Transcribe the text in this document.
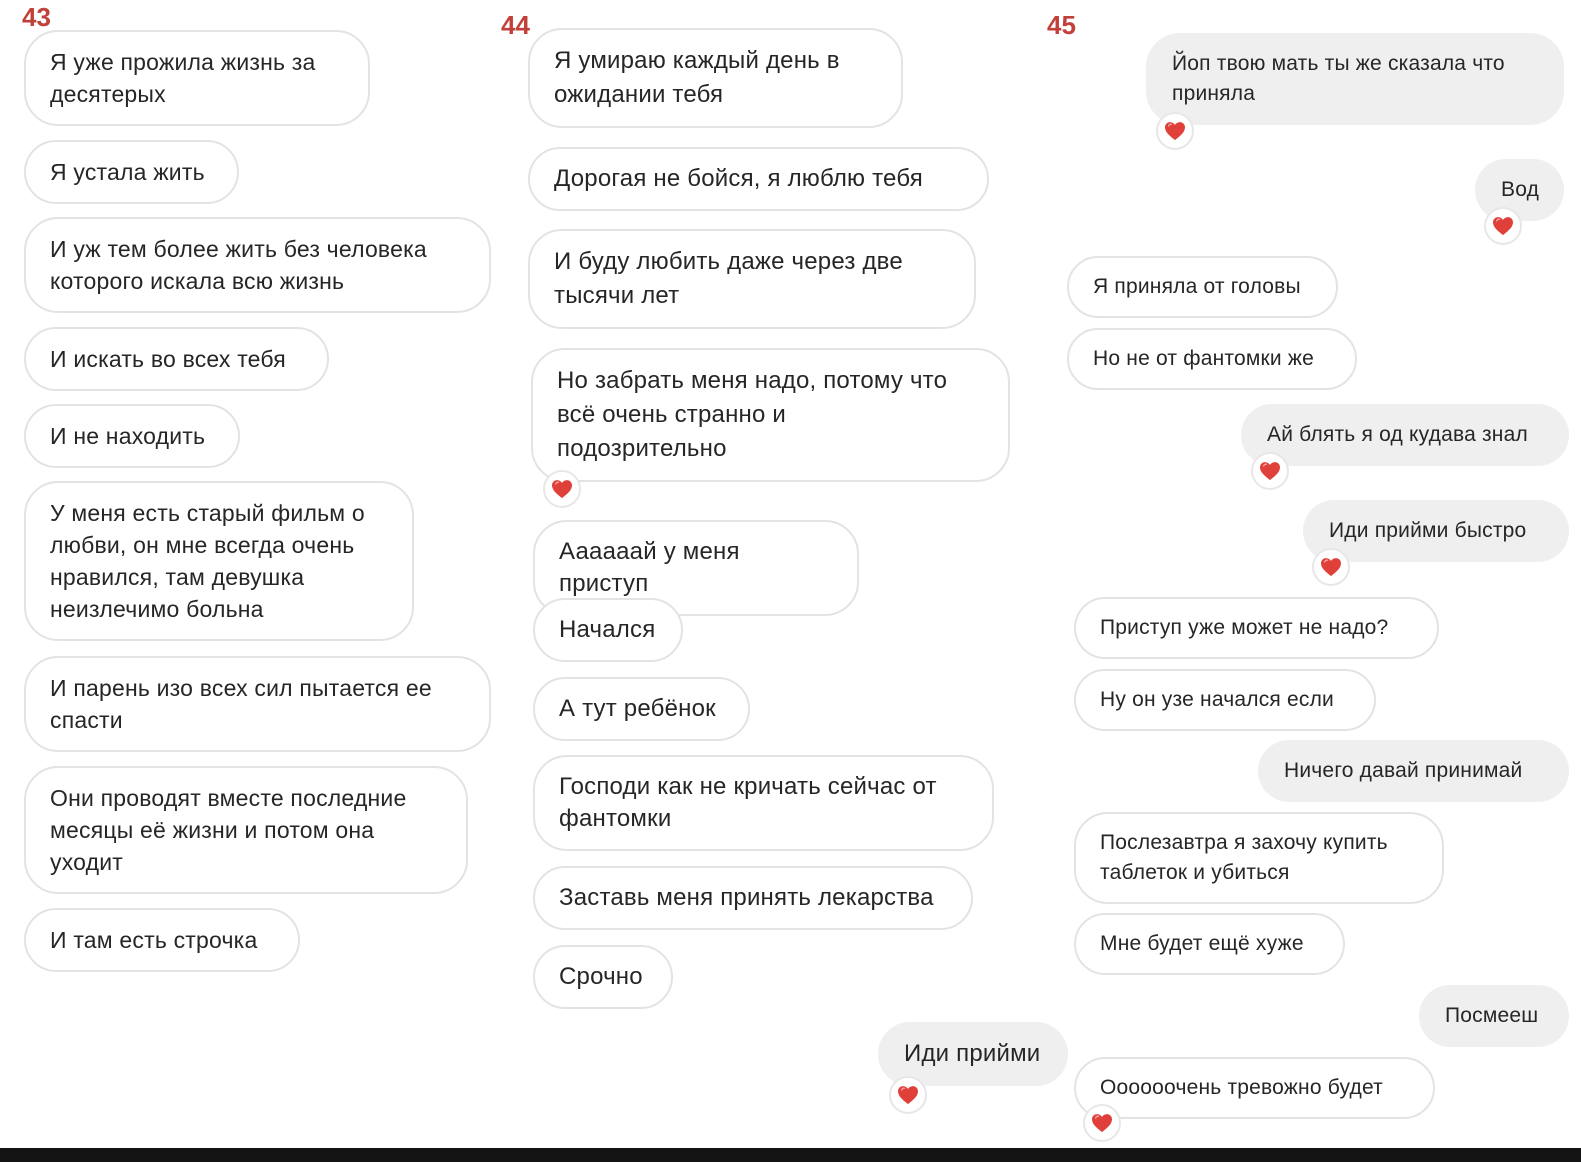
43
Я уже прожила жизнь за
десятерых
Я устала жить
И уж тем более жить без человека
которого искала всю жизнь
И искать во всех тебя
И не находить
У меня есть старый фильм о
любви, он мне всегда очень
нравился, там девушка
неизлечимо больна
И парень изо всех сил пытается ее
спасти
Они проводят вместе последние
месяцы её жизни и потом она
уходит
И там есть строчка
44
Я умираю каждый день в
ожидании тебя
Дорогая не бойся, я люблю тебя
И буду любить даже через две
тысячи лет
Но забрать меня надо, потому что
всё очень странно и
подозрительно
Аааааай у меня приступ
Начался
А тут ребёнок
Господи как не кричать сейчас от
фантомки
Заставь меня принять лекарства
Срочно
Иди прийми
45
Йоп твою мать ты же сказала что
приняла
Вод
Я приняла от головы
Но не от фантомки же
Ай блять я од кудава знал
Иди прийми быстро
Приступ уже может не надо?
Ну он узе начался если
Ничего давай принимай
Послезавтра я захочу купить
таблеток и убиться
Мне будет ещё хуже
Посмееш
Оооооочень тревожно будет
